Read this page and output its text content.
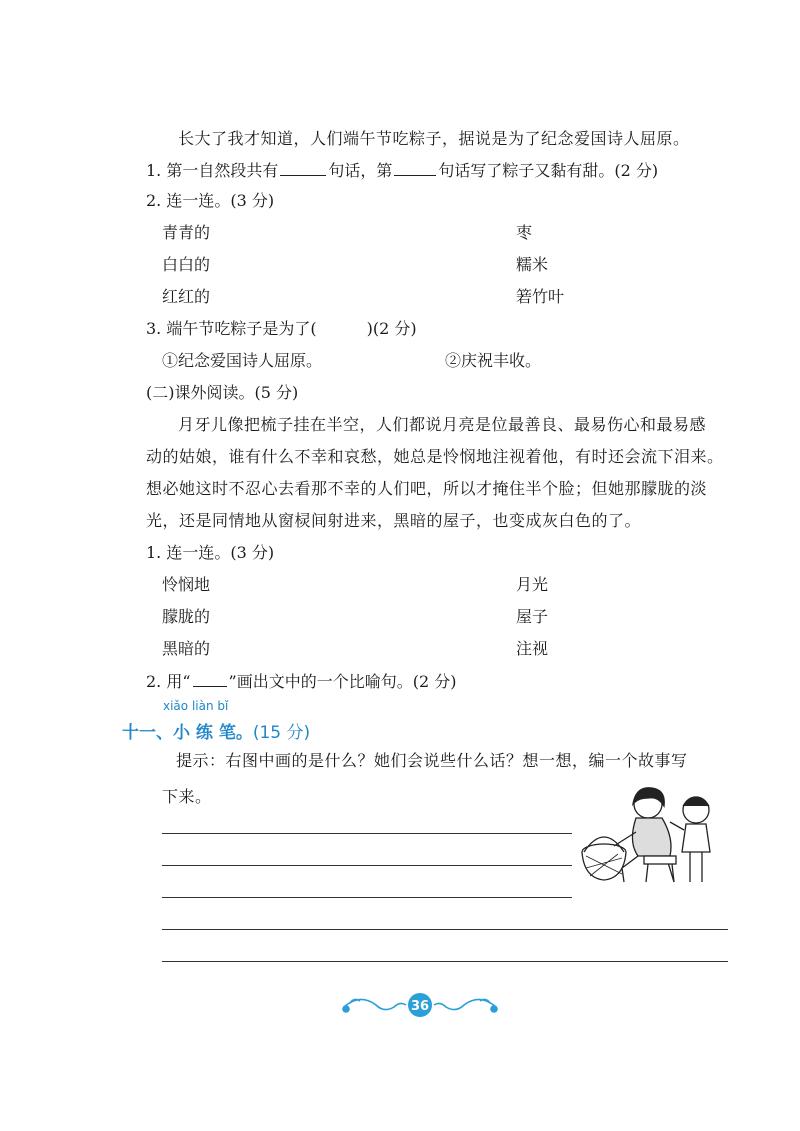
长大了我才知道，人们端午节吃粽子，据说是为了纪念爱国诗人屈原。
1. 第一自然段共有	句话，第	句话写了粽子又黏有甜。(2 分)
2. 连一连。(3 分)
青青的	枣
白白的	糯米
红红的	箬竹叶
3. 端午节吃粽子是为了(	)(2 分)
①纪念爱国诗人屈原。	②庆祝丰收。
(二)课外阅读。(5 分)
月牙儿像把梳子挂在半空，人们都说月亮是位最善良、最易伤心和最易感
动的姑娘，谁有什么不幸和哀愁，她总是怜悯地注视着他，有时还会流下泪来。
想必她这时不忍心去看那不幸的人们吧，所以才掩住半个脸；但她那朦胧的淡
光，还是同情地从窗棂间射进来，黑暗的屋子，也变成灰白色的了。
1. 连一连。(3 分)
怜悯地	月光
朦胧的	屋子
黑暗的	注视
2. 用“ ”画出文中的一个比喻句。(2 分)
xiǎo liàn bǐ
十一、小 练 笔。(15 分)
提示：右图中画的是什么？她们会说些什么话？想一想，编一个故事写
下来。
36
